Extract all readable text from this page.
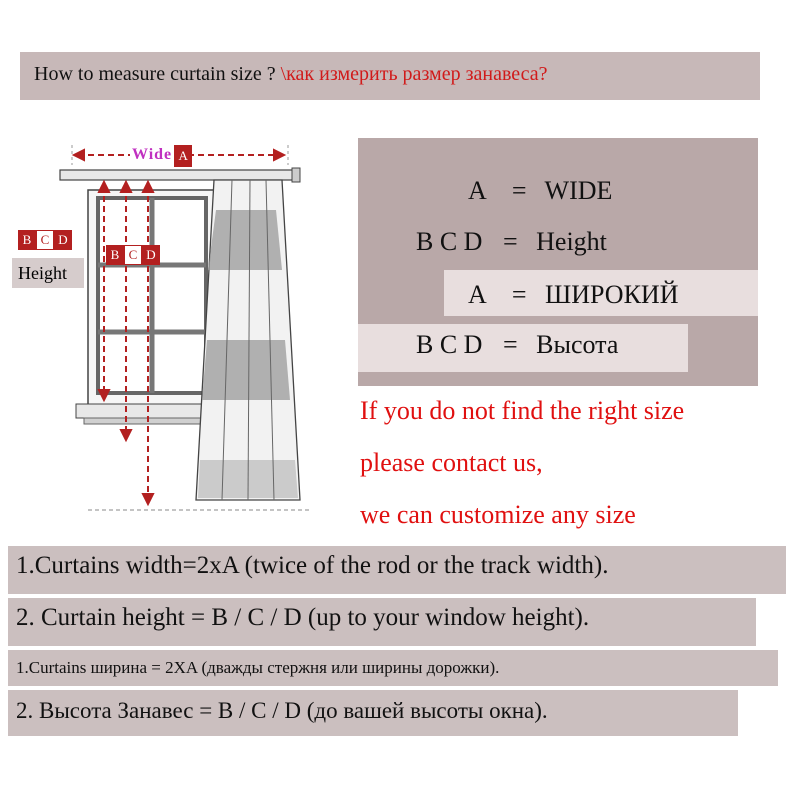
How to measure curtain size ? \как измерить размер занавеса?
Wide A
B C D
B C D
Height
A = WIDE
B C D = Height
A = ШИРОКИЙ
B C D = Высота
If you do not find the right size
please contact us,
we can customize any size
1.Curtains width=2xA (twice of the rod or the track width).
2. Curtain height = B / C / D (up to your window height).
1.Curtains ширина = 2XA (дважды стержня или ширины дорожки).
2. Высота Занавес = B / C / D (до вашей высоты окна).
